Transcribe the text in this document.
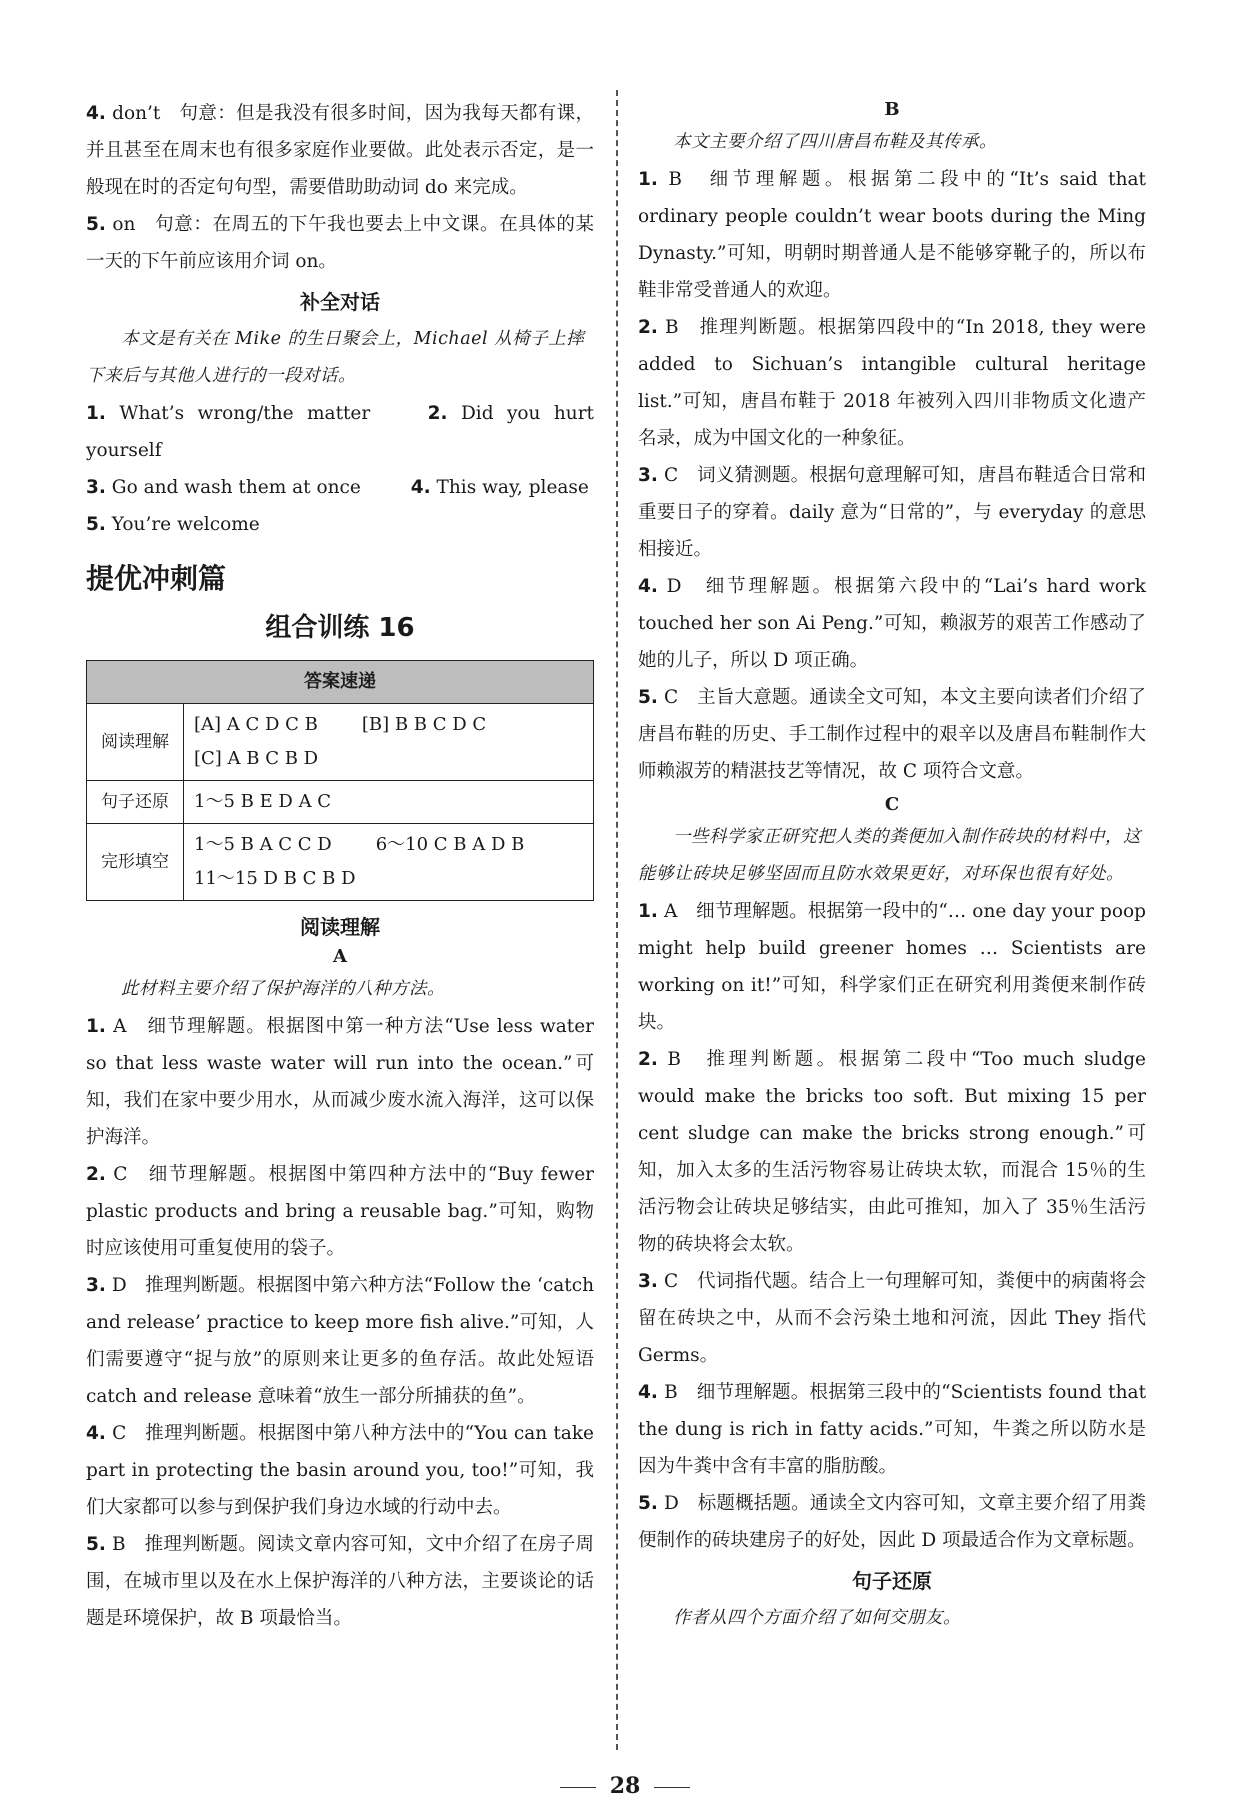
4. don’t　句意：但是我没有很多时间，因为我每天都有课，并且甚至在周末也有很多家庭作业要做。此处表示否定，是一般现在时的否定句句型，需要借助助动词 do 来完成。

5. on　句意：在周五的下午我也要去上中文课。在具体的某一天的下午前应该用介词 on。

补全对话

本文是有关在 Mike 的生日聚会上，Michael 从椅子上摔下来后与其他人进行的一段对话。

1. What’s wrong/the matter	2. Did you hurt yourself

3. Go and wash them at once	4. This way, please

5. You’re welcome

提优冲刺篇
组合训练 16
答案速递	
阅读理解	[A] A C D C B [B] B B C D C
[C] A B C B D
句子还原	1～5 B E D A C
完形填空	1～5 B A C C D 6～10 C B A D B
11～15 D B C B D
阅读理解
A

此材料主要介绍了保护海洋的八种方法。

1. A　细节理解题。根据图中第一种方法“Use less water so that less waste water will run into the ocean.”可知，我们在家中要少用水，从而减少废水流入海洋，这可以保护海洋。

2. C　细节理解题。根据图中第四种方法中的“Buy fewer plastic products and bring a reusable bag.”可知，购物时应该使用可重复使用的袋子。

3. D　推理判断题。根据图中第六种方法“Follow the ‘catch and release’ practice to keep more fish alive.”可知，人们需要遵守“捉与放”的原则来让更多的鱼存活。故此处短语 catch and release 意味着“放生一部分所捕获的鱼”。

4. C　推理判断题。根据图中第八种方法中的“You can take part in protecting the basin around you, too!”可知，我们大家都可以参与到保护我们身边水域的行动中去。

5. B　推理判断题。阅读文章内容可知，文中介绍了在房子周围，在城市里以及在水上保护海洋的八种方法，主要谈论的话题是环境保护，故 B 项最恰当。

B

本文主要介绍了四川唐昌布鞋及其传承。

1. B　细节理解题。根据第二段中的“It’s said that ordinary people couldn’t wear boots during the Ming Dynasty.”可知，明朝时期普通人是不能够穿靴子的，所以布鞋非常受普通人的欢迎。

2. B　推理判断题。根据第四段中的“In 2018, they were added to Sichuan’s intangible cultural heritage list.”可知，唐昌布鞋于 2018 年被列入四川非物质文化遗产名录，成为中国文化的一种象征。

3. C　词义猜测题。根据句意理解可知，唐昌布鞋适合日常和重要日子的穿着。daily 意为“日常的”，与 everyday 的意思相接近。

4. D　细节理解题。根据第六段中的“Lai’s hard work touched her son Ai Peng.”可知，赖淑芳的艰苦工作感动了她的儿子，所以 D 项正确。

5. C　主旨大意题。通读全文可知，本文主要向读者们介绍了唐昌布鞋的历史、手工制作过程中的艰辛以及唐昌布鞋制作大师赖淑芳的精湛技艺等情况，故 C 项符合文意。

C

一些科学家正研究把人类的粪便加入制作砖块的材料中，这能够让砖块足够坚固而且防水效果更好，对环保也很有好处。

1. A　细节理解题。根据第一段中的“… one day your poop might help build greener homes … Scientists are working on it!”可知，科学家们正在研究利用粪便来制作砖块。

2. B　推理判断题。根据第二段中“Too much sludge would make the bricks too soft. But mixing 15 per cent sludge can make the bricks strong enough.”可知，加入太多的生活污物容易让砖块太软，而混合 15％的生活污物会让砖块足够结实，由此可推知，加入了 35％生活污物的砖块将会太软。

3. C　代词指代题。结合上一句理解可知，粪便中的病菌将会留在砖块之中，从而不会污染土地和河流，因此 They 指代 Germs。

4. B　细节理解题。根据第三段中的“Scientists found that the dung is rich in fatty acids.”可知，牛粪之所以防水是因为牛粪中含有丰富的脂肪酸。

5. D　标题概括题。通读全文内容可知，文章主要介绍了用粪便制作的砖块建房子的好处，因此 D 项最适合作为文章标题。

句子还原

作者从四个方面介绍了如何交朋友。

28
